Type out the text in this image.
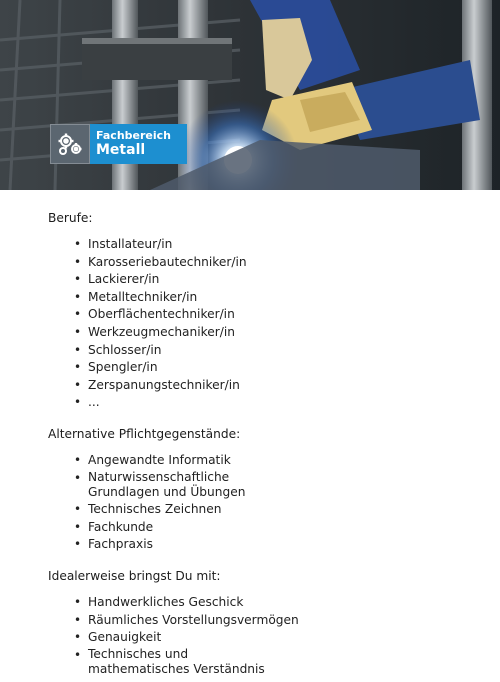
Fachbereich
Metall

Berufe:

• Installateur/in
• Karosseriebautechniker/in
• Lackierer/in
• Metalltechniker/in
• Oberflächentechniker/in
• Werkzeugmechaniker/in
• Schlosser/in
• Spengler/in
• Zerspanungstechniker/in
• ...

Alternative Pflichtgegenstände:

• Angewandte Informatik
• Naturwissenschaftliche Grundlagen und Übungen
• Technisches Zeichnen
• Fachkunde
• Fachpraxis

Idealerweise bringst Du mit:

• Handwerkliches Geschick
• Räumliches Vorstellungsvermögen
• Genauigkeit
• Technisches und mathematisches Verständnis
